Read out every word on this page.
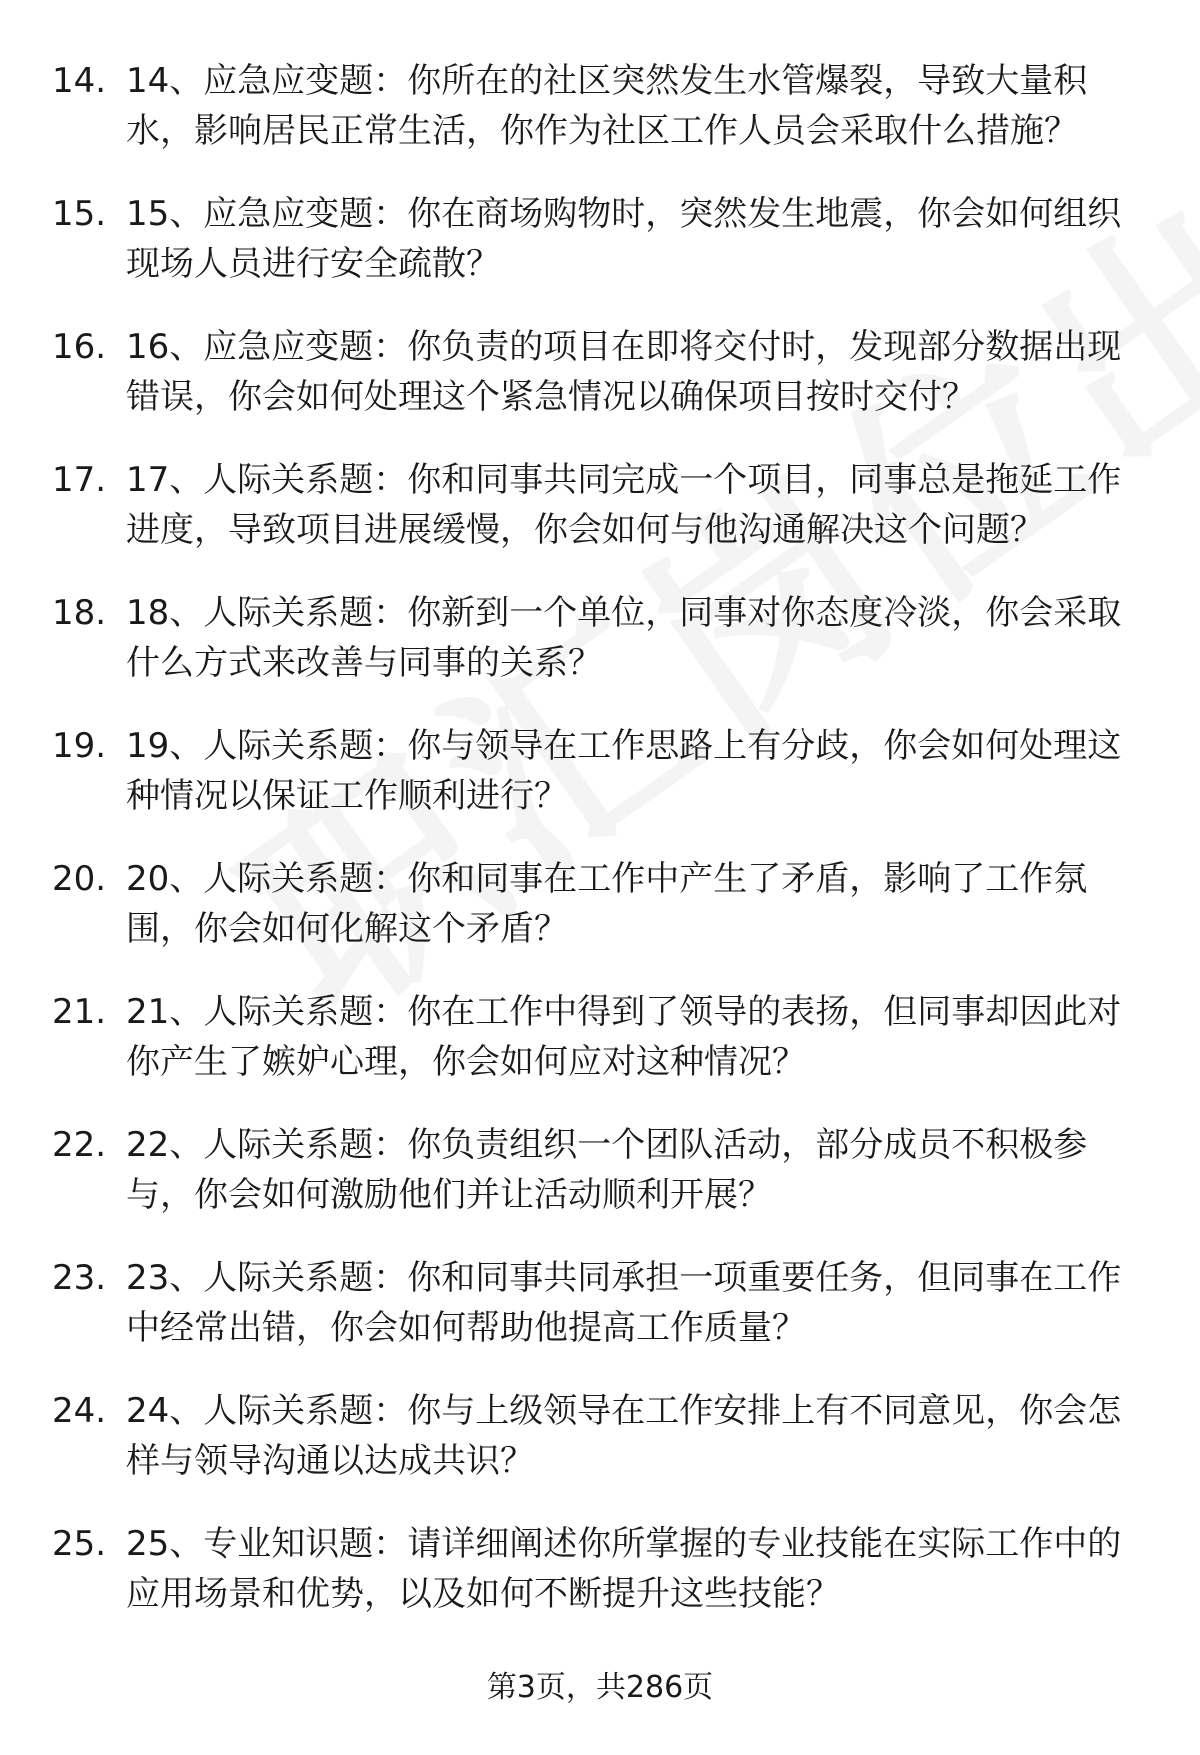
14. 14、应急应变题：你所在的社区突然发生水管爆裂，导致大量积水，影响居民正常生活，你作为社区工作人员会采取什么措施？
15. 15、应急应变题：你在商场购物时，突然发生地震，你会如何组织现场人员进行安全疏散？
16. 16、应急应变题：你负责的项目在即将交付时，发现部分数据出现错误，你会如何处理这个紧急情况以确保项目按时交付？
17. 17、人际关系题：你和同事共同完成一个项目，同事总是拖延工作进度，导致项目进展缓慢，你会如何与他沟通解决这个问题？
18. 18、人际关系题：你新到一个单位，同事对你态度冷淡，你会采取什么方式来改善与同事的关系？
19. 19、人际关系题：你与领导在工作思路上有分歧，你会如何处理这种情况以保证工作顺利进行？
20. 20、人际关系题：你和同事在工作中产生了矛盾，影响了工作氛围，你会如何化解这个矛盾？
21. 21、人际关系题：你在工作中得到了领导的表扬，但同事却因此对你产生了嫉妒心理，你会如何应对这种情况？
22. 22、人际关系题：你负责组织一个团队活动，部分成员不积极参与，你会如何激励他们并让活动顺利开展？
23. 23、人际关系题：你和同事共同承担一项重要任务，但同事在工作中经常出错，你会如何帮助他提高工作质量？
24. 24、人际关系题：你与上级领导在工作安排上有不同意见，你会怎样与领导沟通以达成共识？
25. 25、专业知识题：请详细阐述你所掌握的专业技能在实际工作中的应用场景和优势，以及如何不断提升这些技能？
第3页，共286页
